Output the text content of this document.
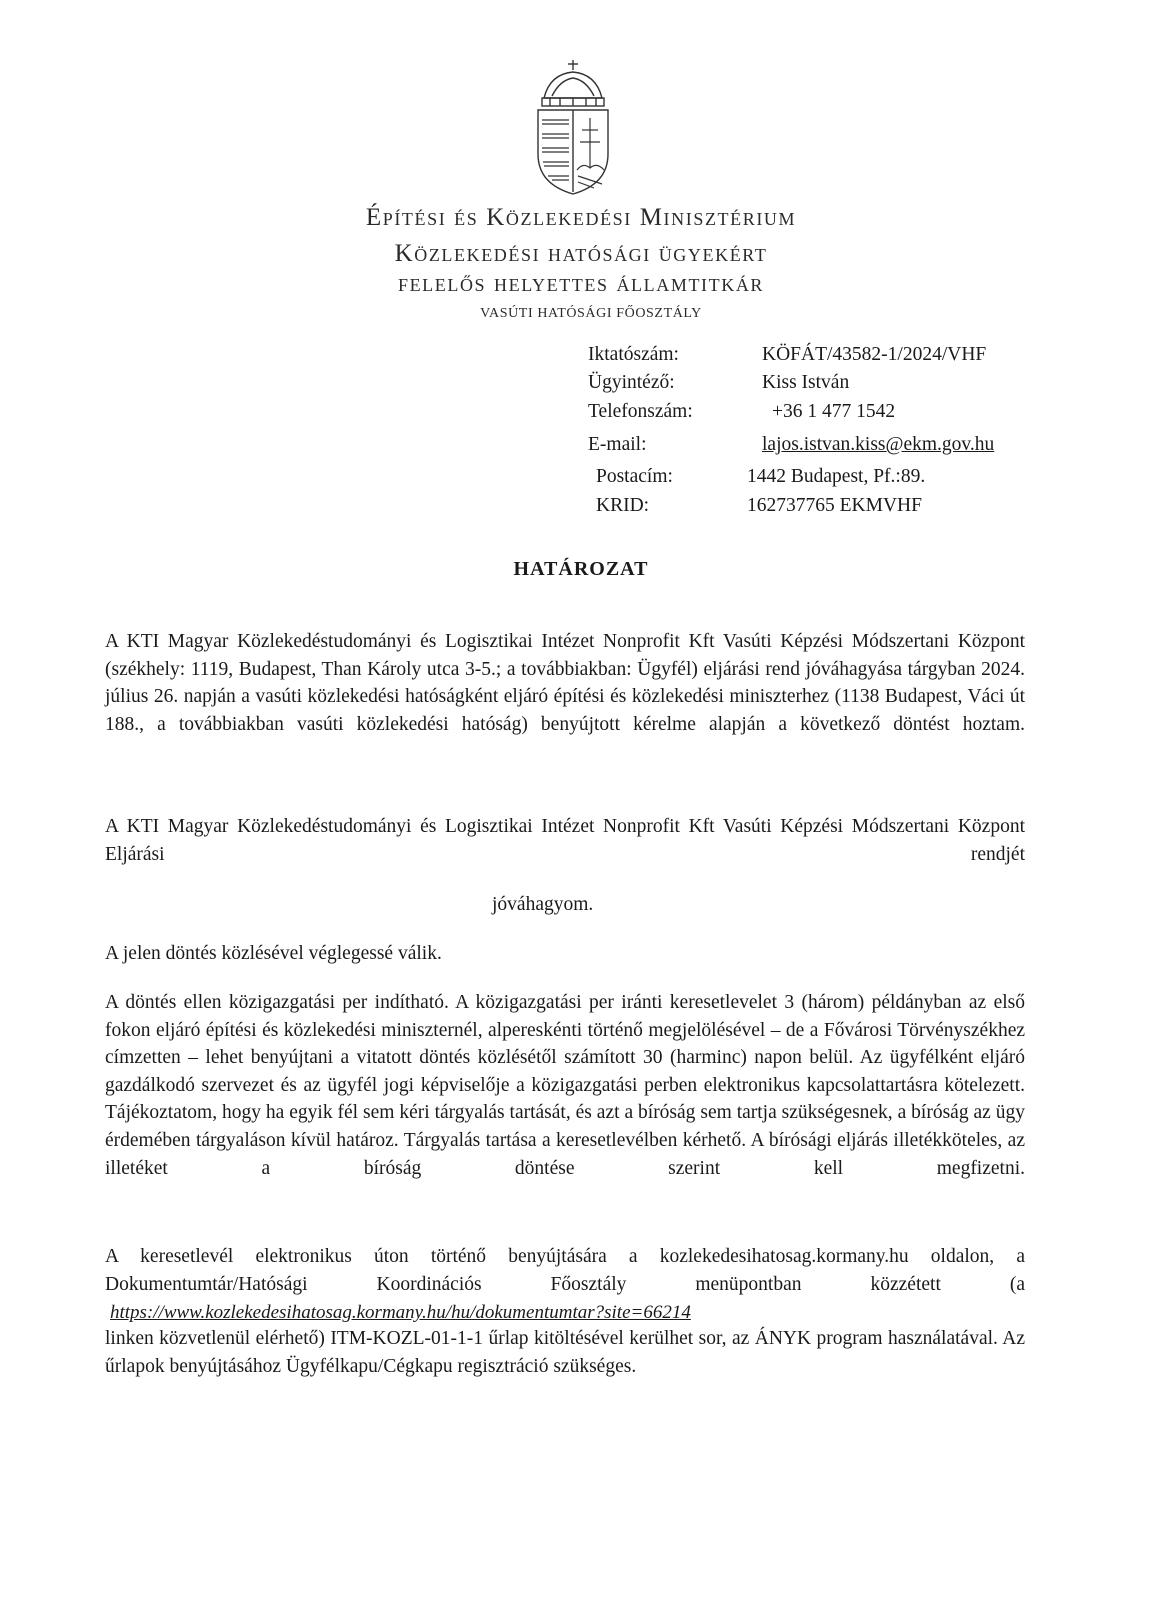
Építési és Közlekedési Minisztérium
Közlekedési hatósági ügyekért
felelős helyettes államtitkár
VASÚTI HATÓSÁGI FŐOSZTÁLY
Iktatószám:	KÖFÁT/43582-1/2024/VHF
Ügyintéző:	Kiss István
Telefonszám:	+36 1 477 1542
E-mail:	lajos.istvan.kiss@ekm.gov.hu
Postacím:	1442 Budapest, Pf.:89.
KRID:	162737765 EKMVHF
HATÁROZAT
A KTI Magyar Közlekedéstudományi és Logisztikai Intézet Nonprofit Kft Vasúti Képzési Módszertani Központ (székhely: 1119, Budapest, Than Károly utca 3-5.; a továbbiakban: Ügyfél) eljárási rend jóváhagyása tárgyban 2024. július 26. napján a vasúti közlekedési hatóságként eljáró építési és közlekedési miniszterhez (1138 Budapest, Váci út 188., a továbbiakban vasúti közlekedési hatóság) benyújtott kérelme alapján a következő döntést hoztam.
A KTI Magyar Közlekedéstudományi és Logisztikai Intézet Nonprofit Kft Vasúti Képzési Módszertani Központ Eljárási rendjét
jóváhagyom.
A jelen döntés közlésével véglegessé válik.
A döntés ellen közigazgatási per indítható. A közigazgatási per iránti keresetlevelet 3 (három) példányban az első fokon eljáró építési és közlekedési miniszternél, alpereskénti történő megjelölésével – de a Fővárosi Törvényszékhez címzetten – lehet benyújtani a vitatott döntés közlésétől számított 30 (harminc) napon belül. Az ügyfélként eljáró gazdálkodó szervezet és az ügyfél jogi képviselője a közigazgatási perben elektronikus kapcsolattartásra kötelezett. Tájékoztatom, hogy ha egyik fél sem kéri tárgyalás tartását, és azt a bíróság sem tartja szükségesnek, a bíróság az ügy érdemében tárgyaláson kívül határoz. Tárgyalás tartása a keresetlevélben kérhető. A bírósági eljárás illetékköteles, az illetéket a bíróság döntése szerint kell megfizetni.
A keresetlevél elektronikus úton történő benyújtására a kozlekedesihatosag.kormany.hu oldalon, a Dokumentumtár/Hatósági Koordinációs Főosztály menüpontban közzétett (a
https://www.kozlekedesihatosag.kormany.hu/hu/dokumentumtar?site=66214
linken közvetlenül elérhető) ITM-KOZL-01-1-1 űrlap kitöltésével kerülhet sor, az ÁNYK program használatával. Az űrlapok benyújtásához Ügyfélkapu/Cégkapu regisztráció szükséges.
